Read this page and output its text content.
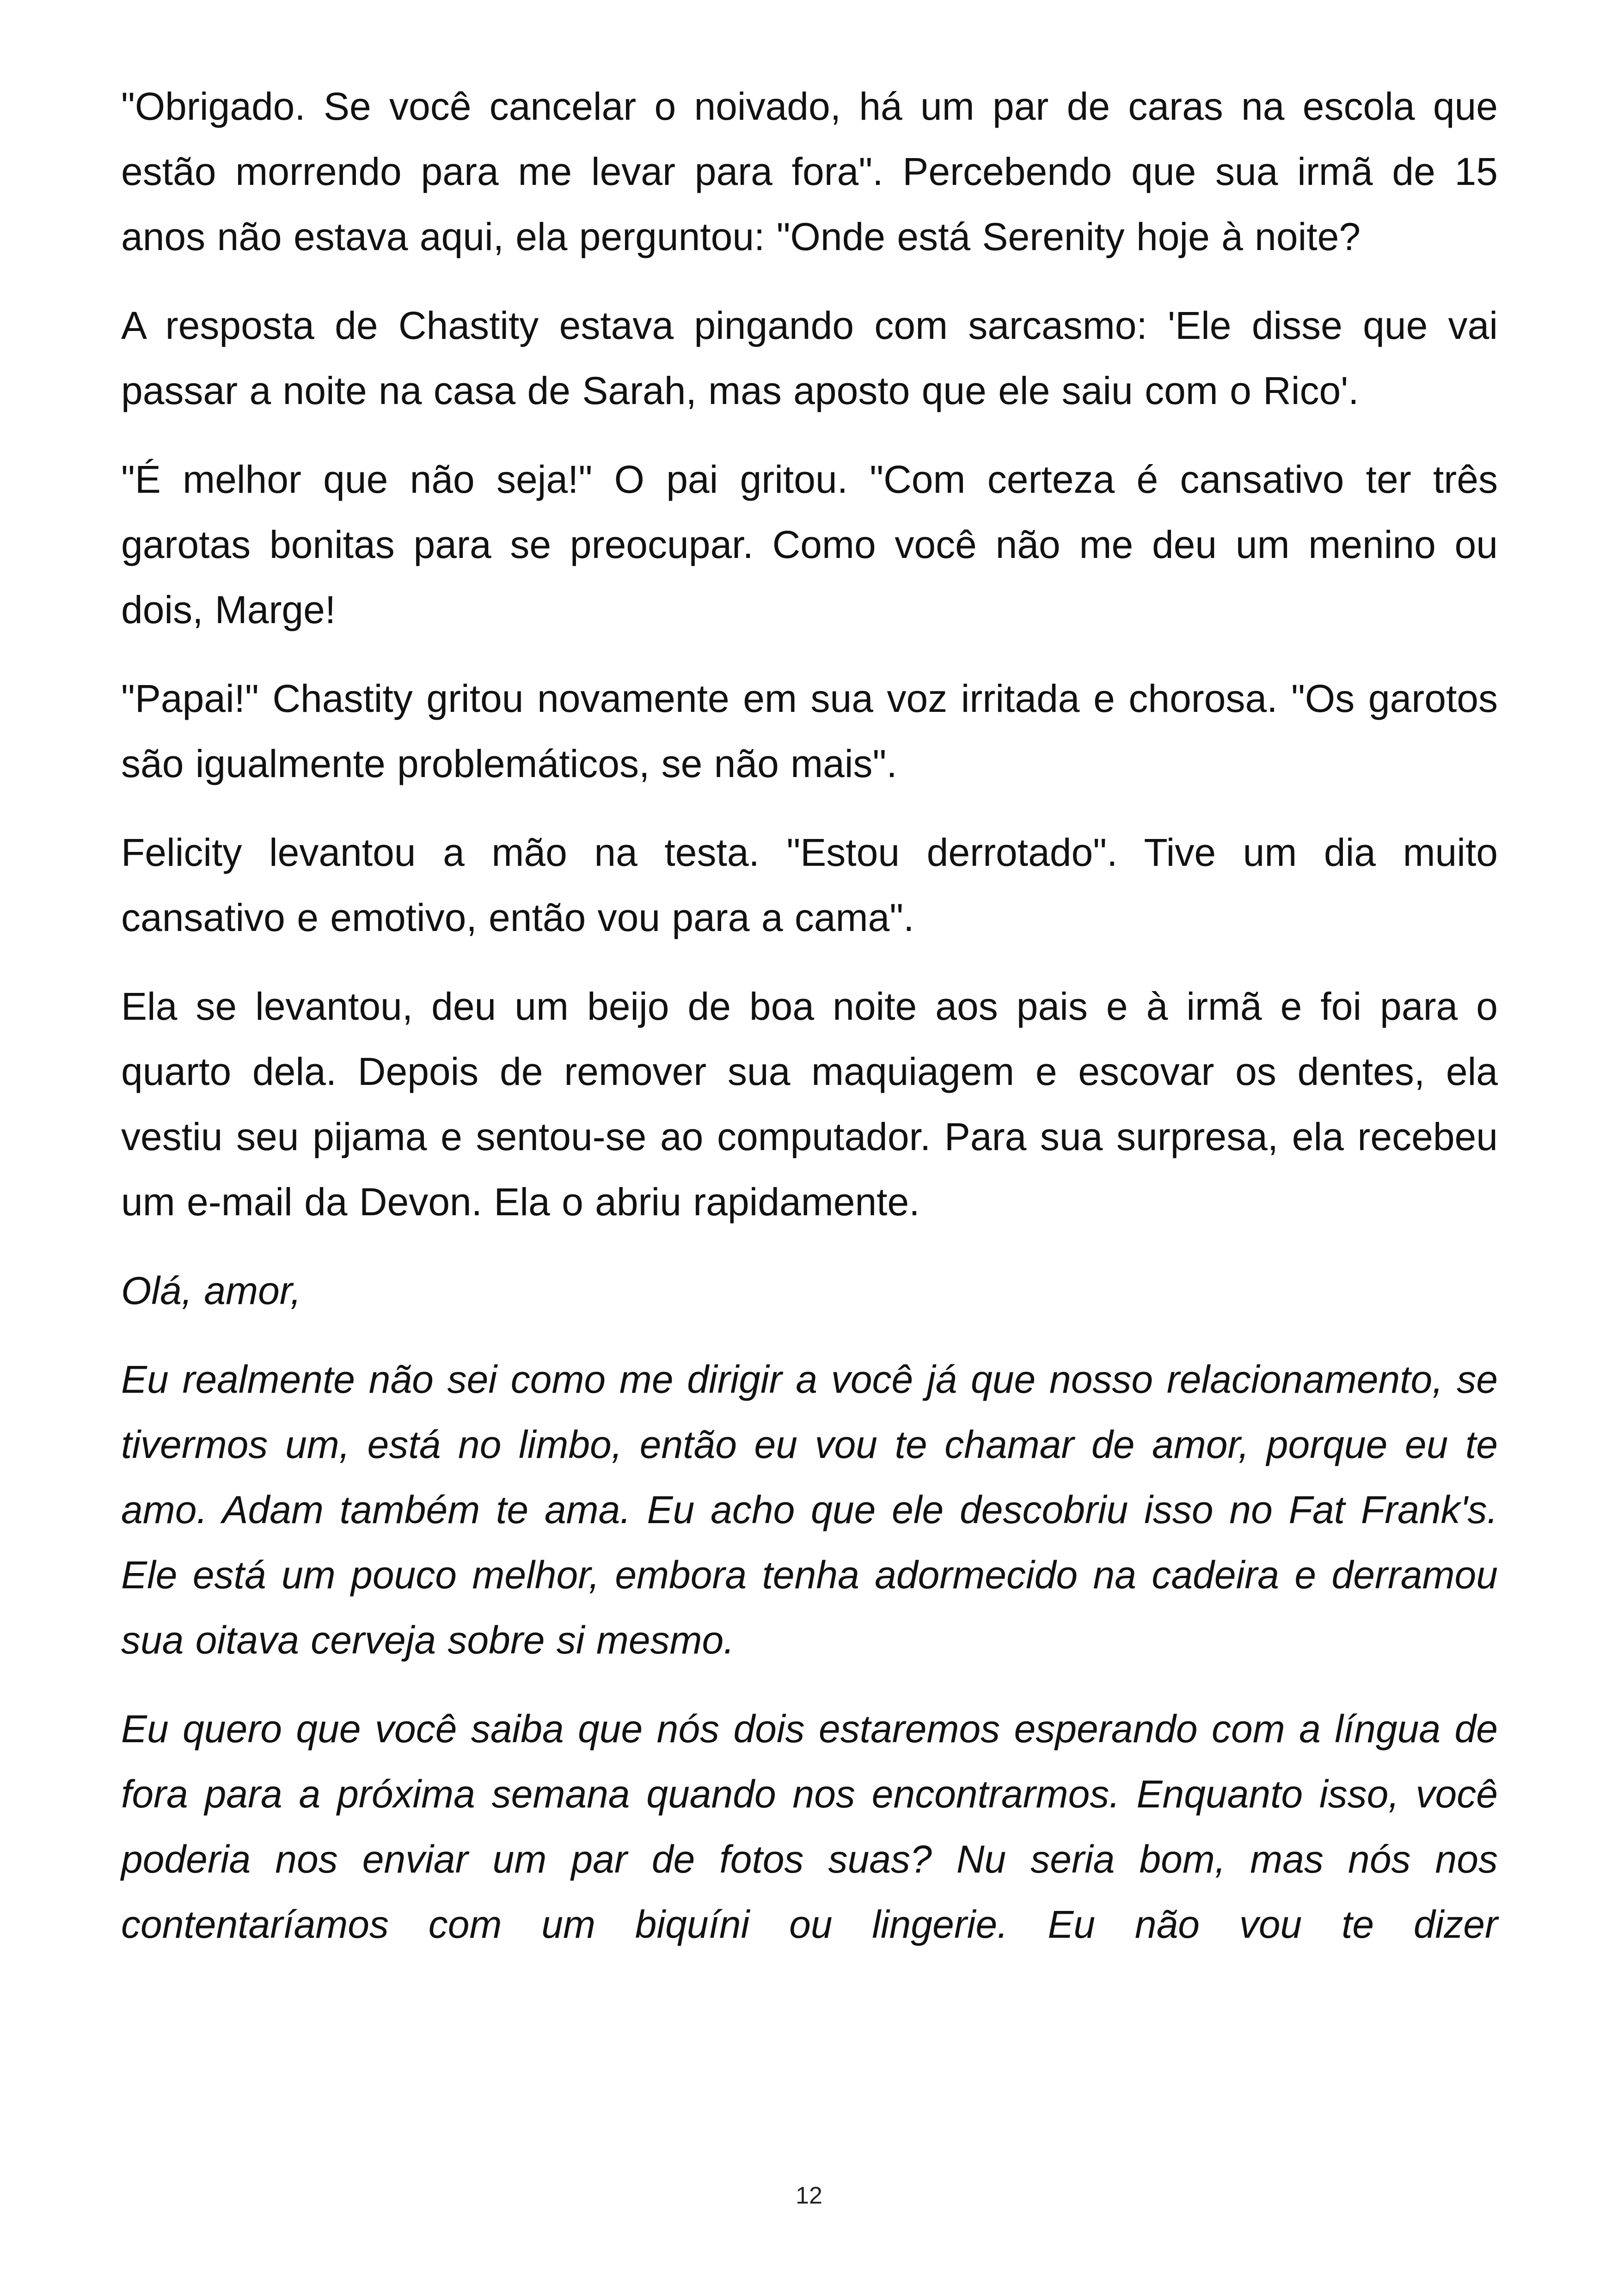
"Obrigado. Se você cancelar o noivado, há um par de caras na escola que estão morrendo para me levar para fora". Percebendo que sua irmã de 15 anos não estava aqui, ela perguntou: "Onde está Serenity hoje à noite?

A resposta de Chastity estava pingando com sarcasmo: 'Ele disse que vai passar a noite na casa de Sarah, mas aposto que ele saiu com o Rico'.

"É melhor que não seja!" O pai gritou. "Com certeza é cansativo ter três garotas bonitas para se preocupar. Como você não me deu um menino ou dois, Marge!

"Papai!" Chastity gritou novamente em sua voz irritada e chorosa. "Os garotos são igualmente problemáticos, se não mais".

Felicity levantou a mão na testa. "Estou derrotado". Tive um dia muito cansativo e emotivo, então vou para a cama".

Ela se levantou, deu um beijo de boa noite aos pais e à irmã e foi para o quarto dela. Depois de remover sua maquiagem e escovar os dentes, ela vestiu seu pijama e sentou-se ao computador. Para sua surpresa, ela recebeu um e-mail da Devon. Ela o abriu rapidamente.

Olá, amor,

Eu realmente não sei como me dirigir a você já que nosso relacionamento, se tivermos um, está no limbo, então eu vou te chamar de amor, porque eu te amo. Adam também te ama. Eu acho que ele descobriu isso no Fat Frank's. Ele está um pouco melhor, embora tenha adormecido na cadeira e derramou sua oitava cerveja sobre si mesmo.

Eu quero que você saiba que nós dois estaremos esperando com a língua de fora para a próxima semana quando nos encontrarmos. Enquanto isso, você poderia nos enviar um par de fotos suas? Nu seria bom, mas nós nos contentaríamos com um biquíni ou lingerie. Eu não vou te dizer

12
